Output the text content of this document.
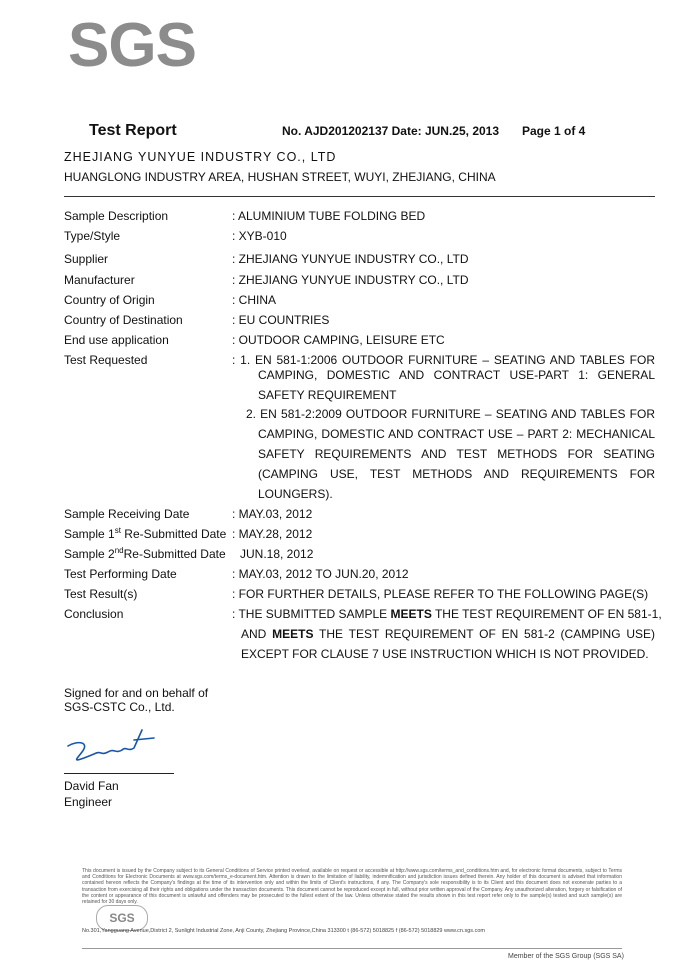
SGS
Test Report	No. AJD201202137 Date: JUN.25, 2013 Page 1 of 4
ZHEJIANG YUNYUE INDUSTRY CO., LTD
HUANGLONG INDUSTRY AREA, HUSHAN STREET, WUYI, ZHEJIANG, CHINA
Sample Description	: ALUMINIUM TUBE FOLDING BED
Type/Style	: XYB-010
Supplier	: ZHEJIANG YUNYUE INDUSTRY CO., LTD
Manufacturer	: ZHEJIANG YUNYUE INDUSTRY CO., LTD
Country of Origin	: CHINA
Country of Destination	: EU COUNTRIES
End use application	: OUTDOOR CAMPING, LEISURE ETC
Test Requested	: 1. EN 581-1:2006 OUTDOOR FURNITURE – SEATING AND TABLES FOR
CAMPING, DOMESTIC AND CONTRACT USE-PART 1: GENERAL
SAFETY REQUIREMENT
2. EN 581-2:2009 OUTDOOR FURNITURE – SEATING AND TABLES FOR
CAMPING, DOMESTIC AND CONTRACT USE – PART 2: MECHANICAL
SAFETY REQUIREMENTS AND TEST METHODS FOR SEATING
(CAMPING USE, TEST METHODS AND REQUIREMENTS FOR
LOUNGERS).
Sample Receiving Date	: MAY.03, 2012
Sample 1st Re-Submitted Date : MAY.28, 2012
Sample 2ndRe-Submitted Date JUN.18, 2012
Test Performing Date	: MAY.03, 2012 TO JUN.20, 2012
Test Result(s)	: FOR FURTHER DETAILS, PLEASE REFER TO THE FOLLOWING PAGE(S)
Conclusion	: THE SUBMITTED SAMPLE MEETS THE TEST REQUIREMENT OF EN 581-1,
AND MEETS THE TEST REQUIREMENT OF EN 581-2 (CAMPING USE)
EXCEPT FOR CLAUSE 7 USE INSTRUCTION WHICH IS NOT PROVIDED.
Signed for and on behalf of
SGS-CSTC Co., Ltd.
David Fan
Engineer
This document is issued by the Company subject to its General Conditions of Service printed overleaf, available on request or accessible at http://www.sgs.com/terms_and_conditions.htm and, for electronic format documents, subject to Terms and Conditions for Electronic Documents at www.sgs.com/terms_e-document.htm. Attention is drawn to the limitation of liability, indemnification and jurisdiction issues defined therein. Any holder of this document is advised that information contained hereon reflects the Company's findings at the time of its intervention only and within the limits of Client's instructions, if any. The Company's sole responsibility is to its Client and this document does not exonerate parties to a transaction from exercising all their rights and obligations under the transaction documents. This document cannot be reproduced except in full, without prior written approval of the Company. Any unauthorized alteration, forgery or falsification of the content or appearance of this document is unlawful and offenders may be prosecuted to the fullest extent of the law. Unless otherwise stated the results shown in this test report refer only to the sample(s) tested and such sample(s) are retained for 30 days only.
SGS
No.301,Yangguang Avenue,District 2, Sunlight Industrial Zone, Anji County, Zhejiang Province,China 313300 t (86-572) 5018825 f (86-572) 5018829 www.cn.sgs.com
Member of the SGS Group (SGS SA)
